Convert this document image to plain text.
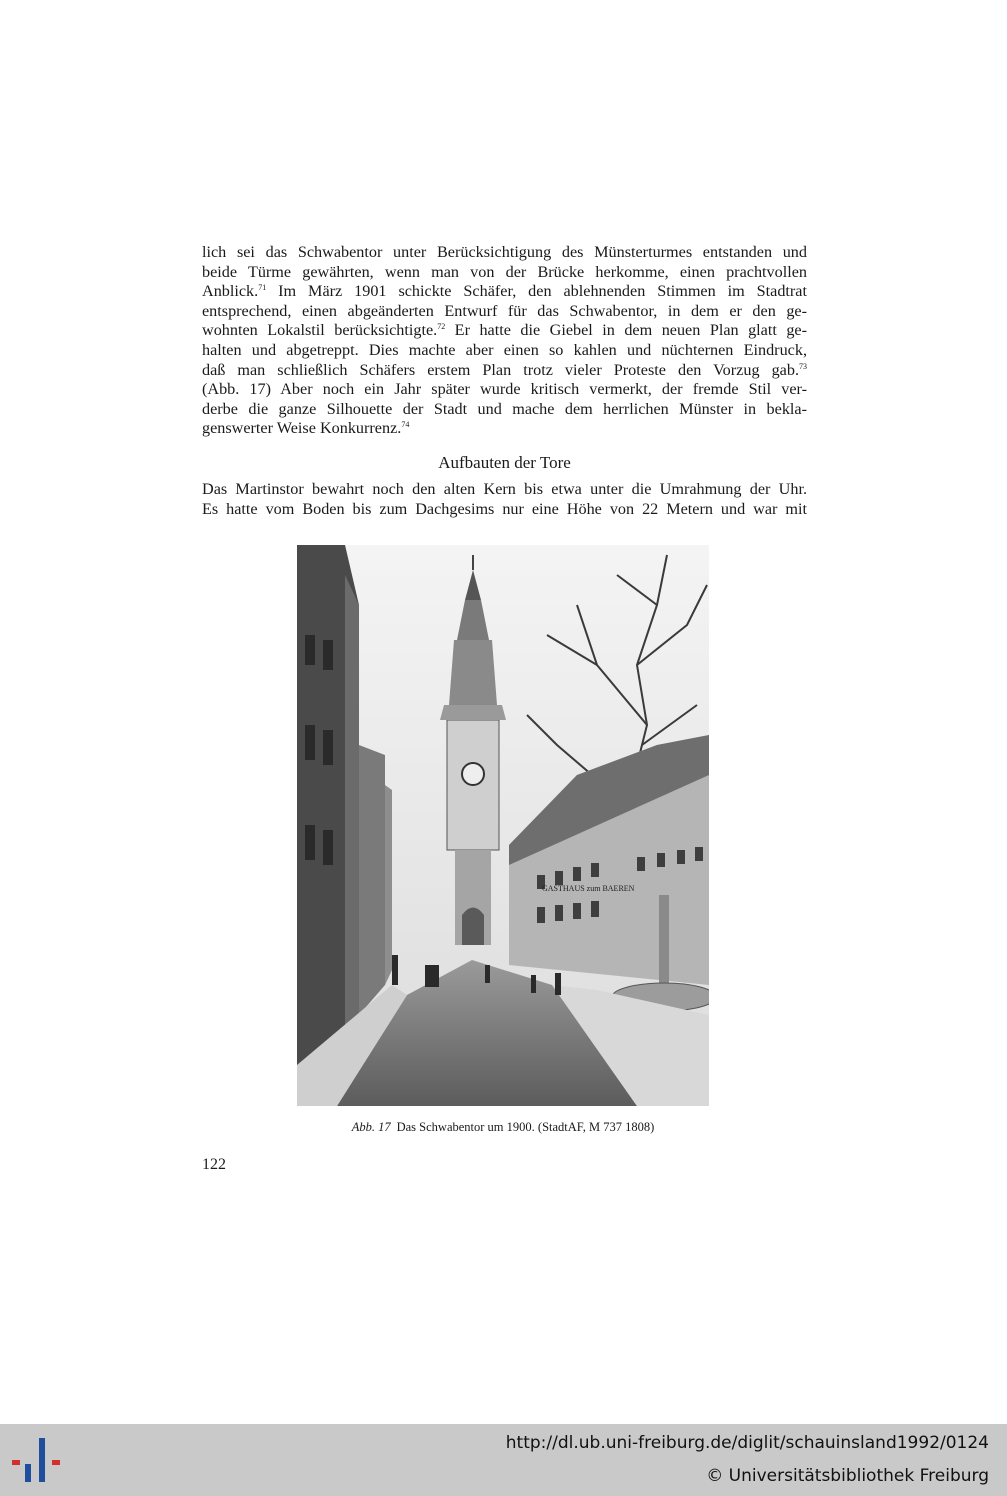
lich sei das Schwabentor unter Berücksichtigung des Münsterturmes entstanden und
beide Türme gewährten, wenn man von der Brücke herkomme, einen prachtvollen
Anblick.$^{71}$ Im März 1901 schickte Schäfer, den ablehnenden Stimmen im Stadtrat
entsprechend, einen abgeänderten Entwurf für das Schwabentor, in dem er den ge-
wohnten Lokalstil berücksichtigte.$^{72}$ Er hatte die Giebel in dem neuen Plan glatt ge-
halten und abgetreppt. Dies machte aber einen so kahlen und nüchternen Eindruck,
daß man schließlich Schäfers erstem Plan trotz vieler Proteste den Vorzug gab.$^{73}$
(Abb. 17) Aber noch ein Jahr später wurde kritisch vermerkt, der fremde Stil ver-
derbe die ganze Silhouette der Stadt und mache dem herrlichen Münster in bekla-
genswerter Weise Konkurrenz.$^{74}$
Aufbauten der Tore
Das Martinstor bewahrt noch den alten Kern bis etwa unter die Umrahmung der Uhr.
Es hatte vom Boden bis zum Dachgesims nur eine Höhe von 22 Metern und war mit
GASTHAUS zum BAEREN
Abb. 17 Das Schwabentor um 1900. (StadtAF, M 737 1808)
122
http://dl.ub.uni-freiburg.de/diglit/schauinsland1992/0124
© Universitätsbibliothek Freiburg
